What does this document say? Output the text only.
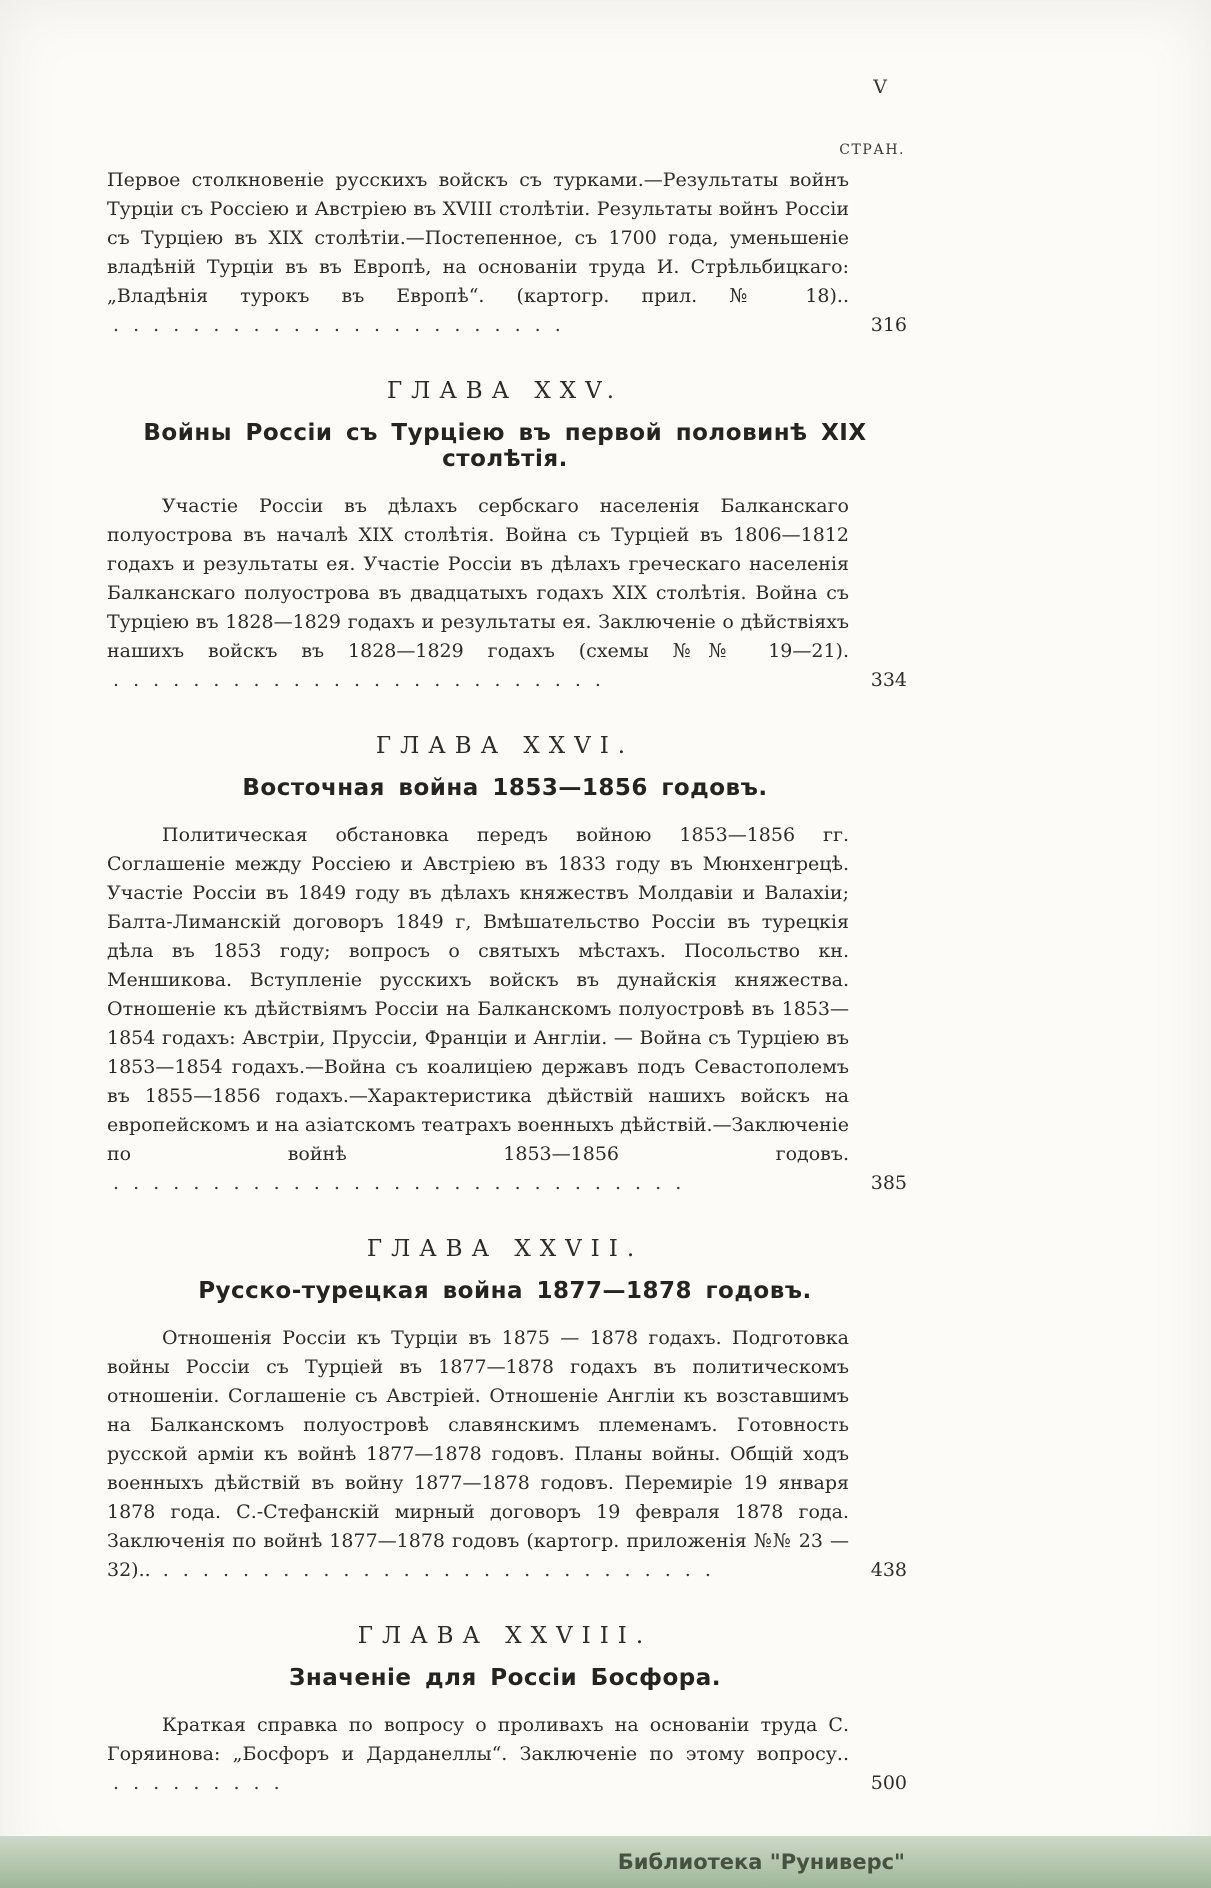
V
СТРАН.

Первое столкновеніе русскихъ войскъ съ турками.—Результаты войнъ Турціи съ Россіею и Австріею въ XVIII столѣтіи. Результаты войнъ Россіи съ Турціею въ XIX столѣтіи.—Постепенное, съ 1700 года, уменьшеніе владѣній Турціи въ въ Европѣ, на основаніи труда И. Стрѣльбицкаго: „Владѣнія турокъ въ Европѣ“. (картогр. прил. № 18).. . . . . . . . . . . . . . . . . . . . . . . .	316

ГЛАВА XXV.
Войны Россіи съ Турціею въ первой половинѣ XIX столѣтія.

Участіе Россіи въ дѣлахъ сербскаго населенія Балканскаго полуострова въ началѣ XIX столѣтія. Война съ Турціей въ 1806—1812 годахъ и результаты ея. Участіе Россіи въ дѣлахъ греческаго населенія Балканскаго полуострова въ двадцатыхъ годахъ XIX столѣтія. Война съ Турціею въ 1828—1829 годахъ и результаты ея. Заключеніе о дѣйствіяхъ нашихъ войскъ въ 1828—1829 годахъ (схемы №№ 19—21). . . . . . . . . . . . . . . . . . . . . . . . . .	334

ГЛАВА XXVI.
Восточная война 1853—1856 годовъ.

Политическая обстановка передъ войною 1853—1856 гг. Соглашеніе между Россіею и Австріею въ 1833 году въ Мюнхенгрецѣ. Участіе Россіи въ 1849 году въ дѣлахъ княжествъ Молдавіи и Валахіи; Балта-Лиманскій договоръ 1849 г, Вмѣшательство Россіи въ турецкія дѣла въ 1853 году; вопросъ о святыхъ мѣстахъ. Посольство кн. Меншикова. Вступленіе русскихъ войскъ въ дунайскія княжества. Отношеніе къ дѣйствіямъ Россіи на Балканскомъ полуостровѣ въ 1853—1854 годахъ: Австріи, Пруссіи, Франціи и Англіи. — Война съ Турціею въ 1853—1854 годахъ.—Война съ коалиціею державъ подъ Севастополемъ въ 1855—1856 годахъ.—Характеристика дѣйствій нашихъ войскъ на европейскомъ и на азіатскомъ театрахъ военныхъ дѣйствій.—Заключеніе по войнѣ 1853—1856 годовъ. . . . . . . . . . . . . . . . . . . . . . . . . . . . . .	385

ГЛАВА XXVII.
Русско-турецкая война 1877—1878 годовъ.

Отношенія Россіи къ Турціи въ 1875 — 1878 годахъ. Подготовка войны Россіи съ Турціей въ 1877—1878 годахъ въ политическомъ отношеніи. Соглашеніе съ Австріей. Отношеніе Англіи къ возставшимъ на Балканскомъ полуостровѣ славянскимъ племенамъ. Готовность русской арміи къ войнѣ 1877—1878 годовъ. Планы войны. Общій ходъ военныхъ дѣйствій въ войну 1877—1878 годовъ. Перемиріе 19 января 1878 года. С.-Стефанскій мирный договоръ 19 февраля 1878 года. Заключенія по войнѣ 1877—1878 годовъ (картогр. приложенія №№ 23 — 32).. . . . . . . . . . . . . . . . . . . . . . . . . . . . .	438

ГЛАВА XXVIII.
Значеніе для Россіи Босфора.

Краткая справка по вопросу о проливахъ на основаніи труда С. Горяинова: „Босфоръ и Дарданеллы“. Заключеніе по этому вопросу.. . . . . . . . . .	500

Библиотека "Руниверс"
